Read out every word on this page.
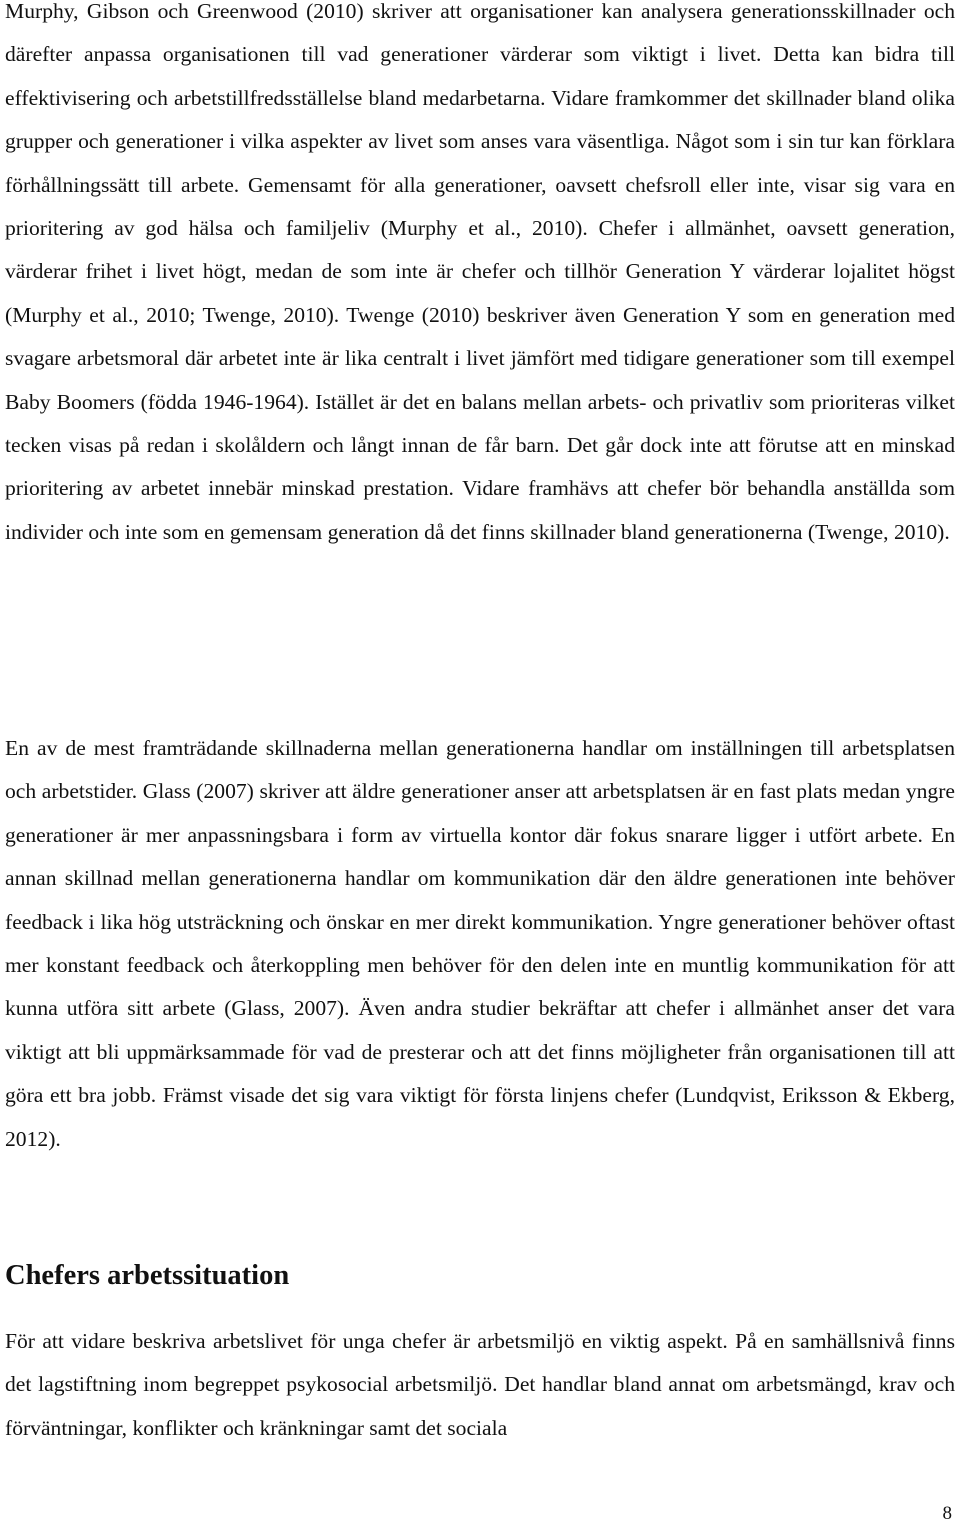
Murphy, Gibson och Greenwood (2010) skriver att organisationer kan analysera generationsskillnader och därefter anpassa organisationen till vad generationer värderar som viktigt i livet. Detta kan bidra till effektivisering och arbetstillfredsställelse bland medarbetarna. Vidare framkommer det skillnader bland olika grupper och generationer i vilka aspekter av livet som anses vara väsentliga. Något som i sin tur kan förklara förhållningssätt till arbete. Gemensamt för alla generationer, oavsett chefsroll eller inte, visar sig vara en prioritering av god hälsa och familjeliv (Murphy et al., 2010). Chefer i allmänhet, oavsett generation, värderar frihet i livet högt, medan de som inte är chefer och tillhör Generation Y värderar lojalitet högst (Murphy et al., 2010; Twenge, 2010). Twenge (2010) beskriver även Generation Y som en generation med svagare arbetsmoral där arbetet inte är lika centralt i livet jämfört med tidigare generationer som till exempel Baby Boomers (födda 1946-1964). Istället är det en balans mellan arbets- och privatliv som prioriteras vilket tecken visas på redan i skolåldern och långt innan de får barn. Det går dock inte att förutse att en minskad prioritering av arbetet innebär minskad prestation. Vidare framhävs att chefer bör behandla anställda som individer och inte som en gemensam generation då det finns skillnader bland generationerna (Twenge, 2010).

En av de mest framträdande skillnaderna mellan generationerna handlar om inställningen till arbetsplatsen och arbetstider. Glass (2007) skriver att äldre generationer anser att arbetsplatsen är en fast plats medan yngre generationer är mer anpassningsbara i form av virtuella kontor där fokus snarare ligger i utfört arbete. En annan skillnad mellan generationerna handlar om kommunikation där den äldre generationen inte behöver feedback i lika hög utsträckning och önskar en mer direkt kommunikation. Yngre generationer behöver oftast mer konstant feedback och återkoppling men behöver för den delen inte en muntlig kommunikation för att kunna utföra sitt arbete (Glass, 2007). Även andra studier bekräftar att chefer i allmänhet anser det vara viktigt att bli uppmärksammade för vad de presterar och att det finns möjligheter från organisationen till att göra ett bra jobb. Främst visade det sig vara viktigt för första linjens chefer (Lundqvist, Eriksson & Ekberg, 2012).

Chefers arbetssituation

För att vidare beskriva arbetslivet för unga chefer är arbetsmiljö en viktig aspekt. På en samhällsnivå finns det lagstiftning inom begreppet psykosocial arbetsmiljö. Det handlar bland annat om arbetsmängd, krav och förväntningar, konflikter och kränkningar samt det sociala

8
